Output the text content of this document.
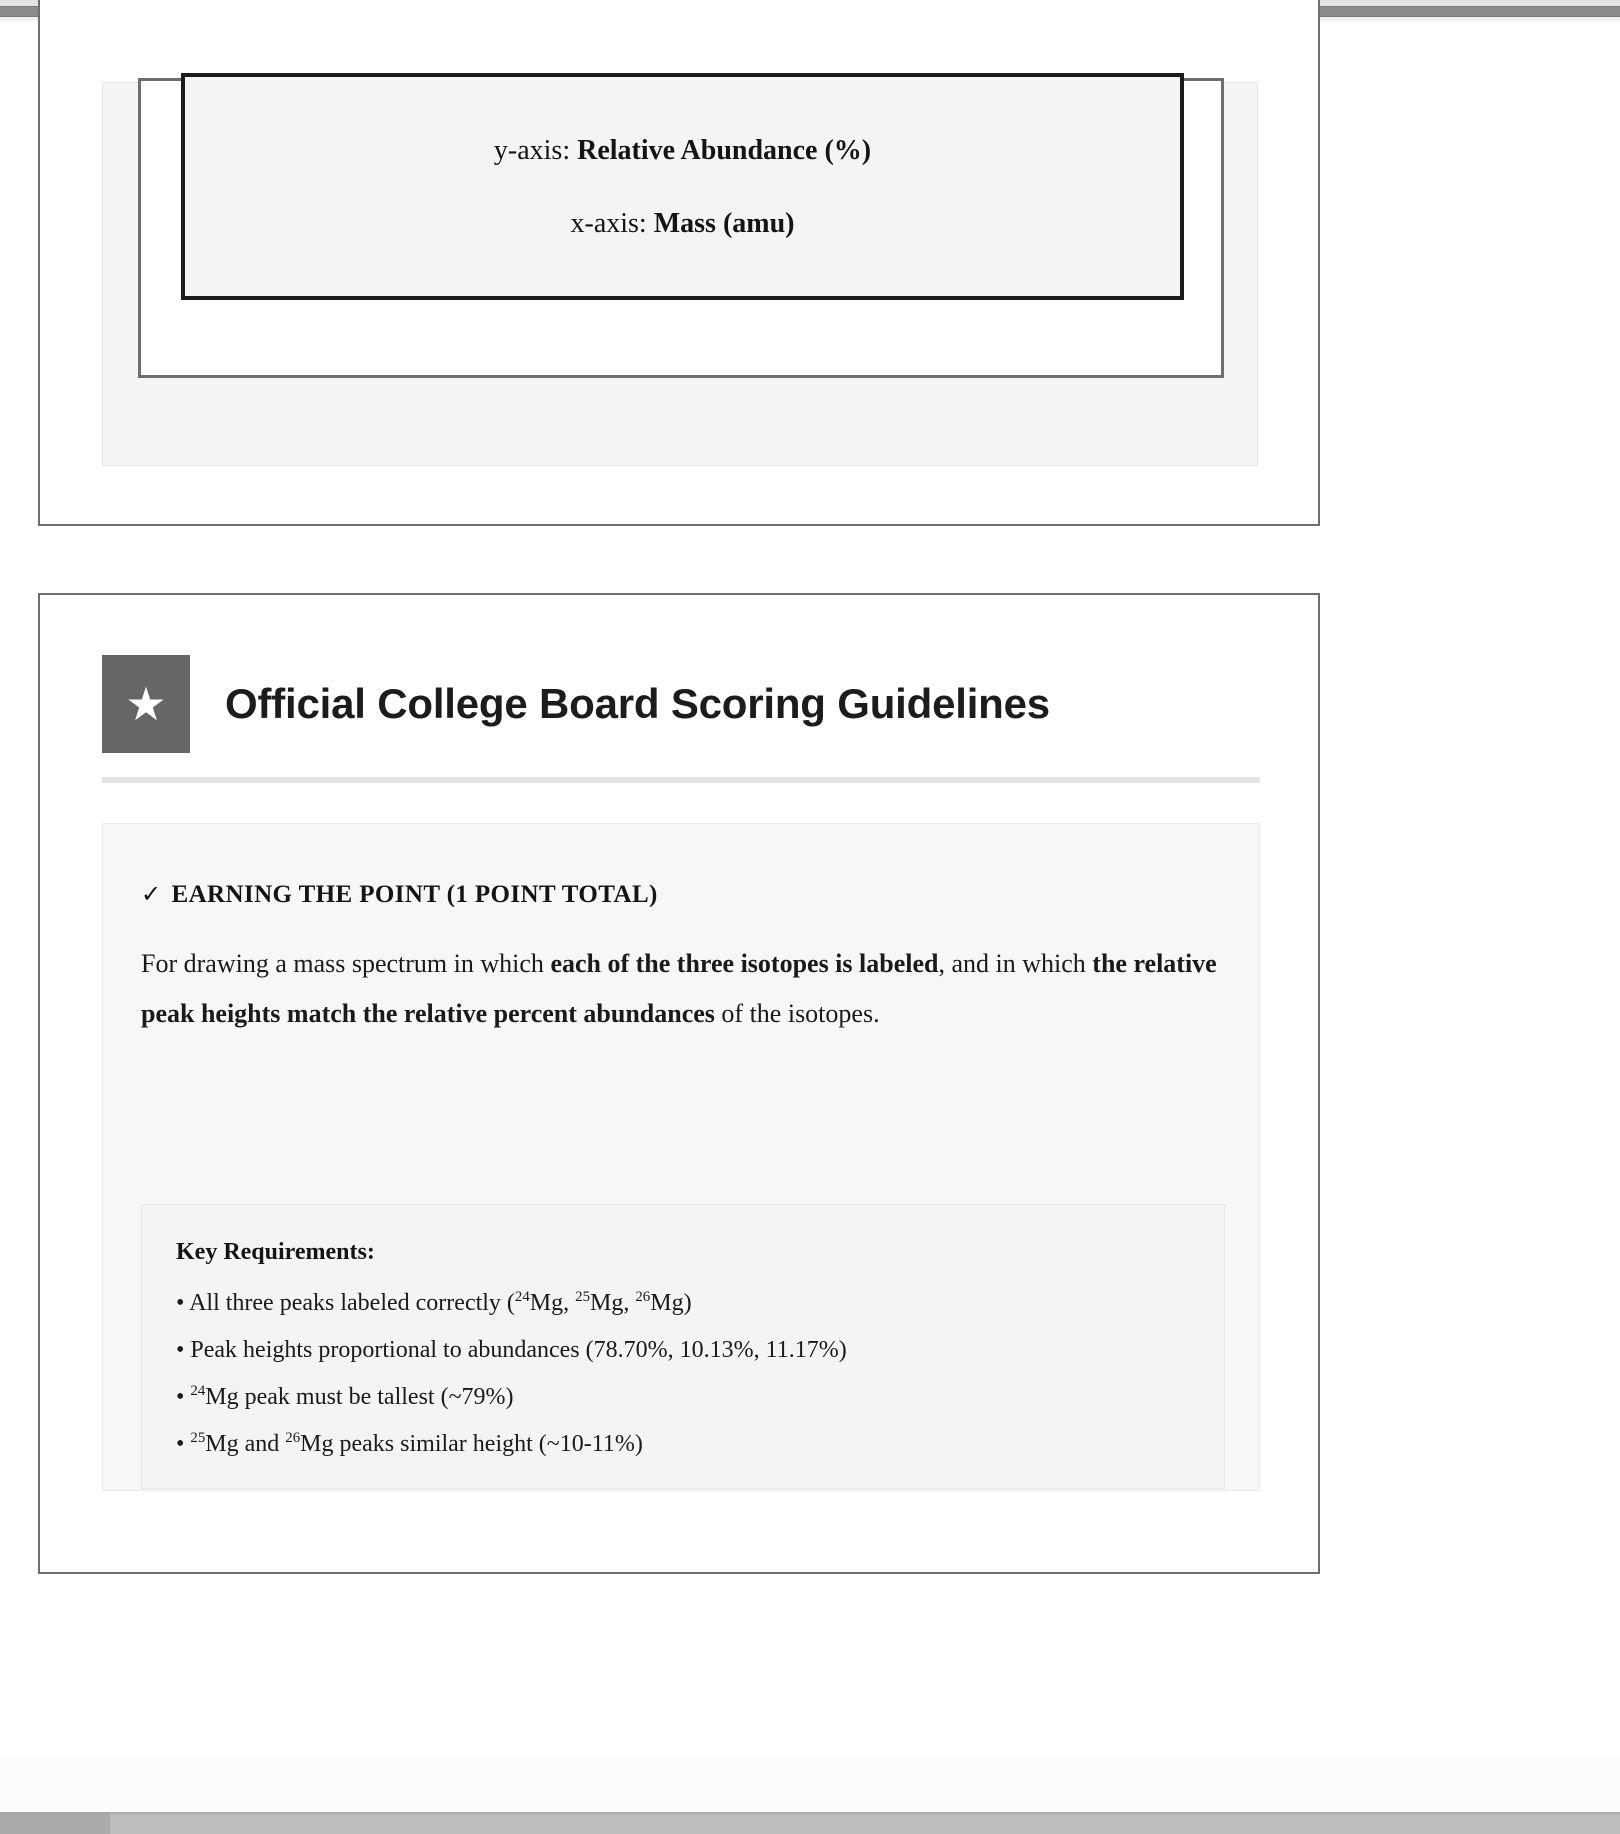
y-axis: Relative Abundance (%)
x-axis: Mass (amu)
★ Official College Board Scoring Guidelines
✓ EARNING THE POINT (1 POINT TOTAL)
For drawing a mass spectrum in which each of the three isotopes is labeled, and in which the relative peak heights match the relative percent abundances of the isotopes.
Key Requirements:
• All three peaks labeled correctly ($^{24}$Mg, $^{25}$Mg, $^{26}$Mg)
• Peak heights proportional to abundances (78.70%, 10.13%, 11.17%)
• $^{24}$Mg peak must be tallest (~79%)
• $^{25}$Mg and $^{26}$Mg peaks similar height (~10-11%)
